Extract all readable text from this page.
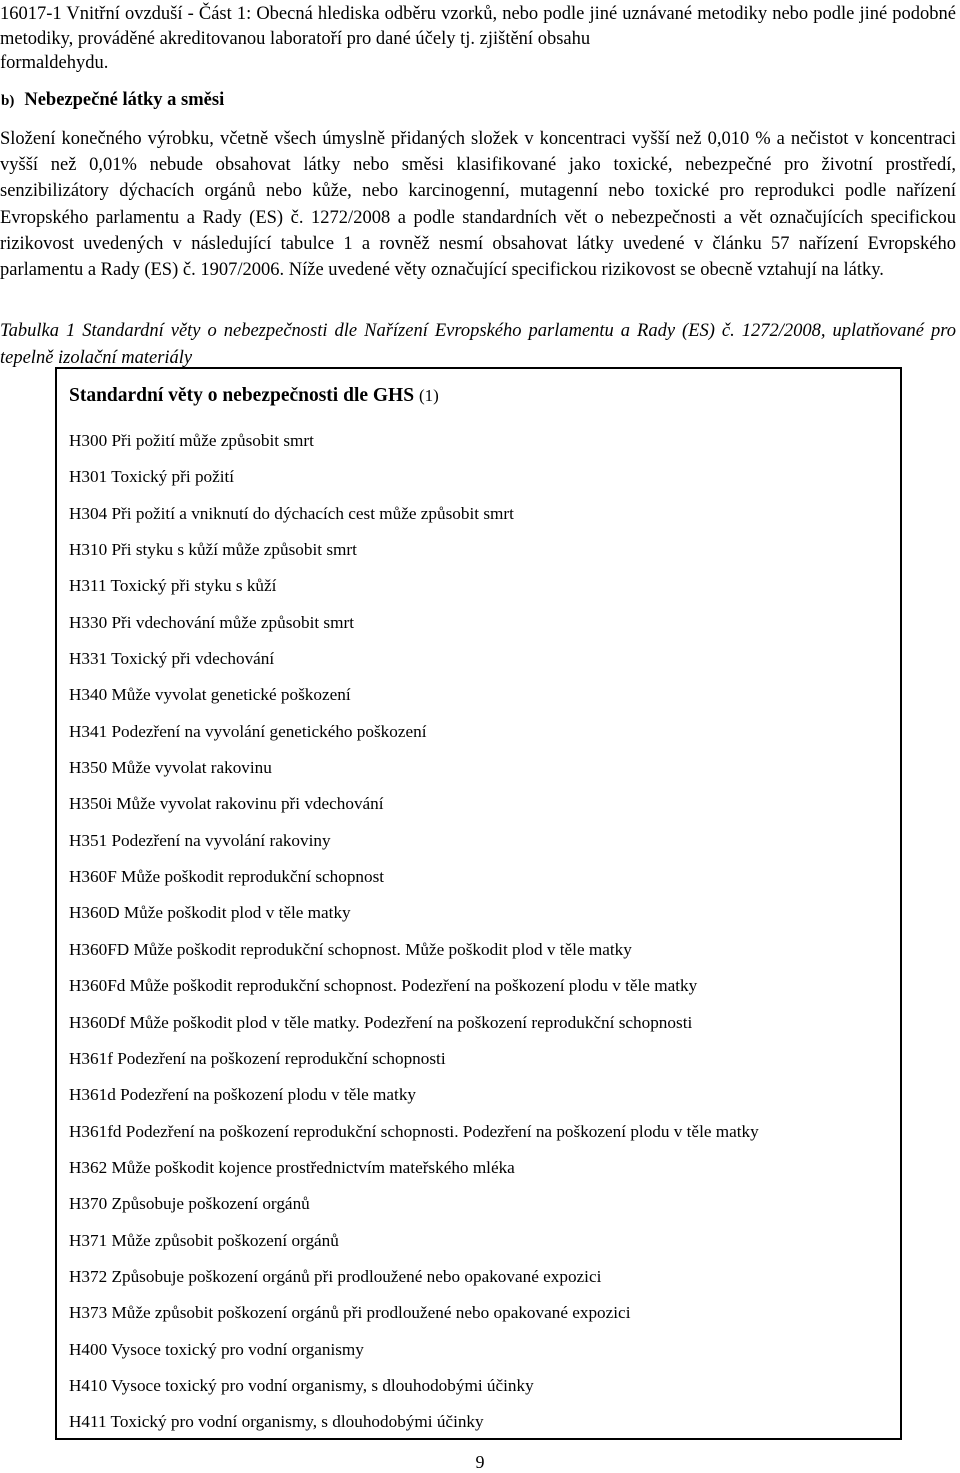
16017-1 Vnitřní ovzduší - Část 1: Obecná hlediska odběru vzorků, nebo podle jiné uznávané metodiky nebo podle jiné podobné metodiky, prováděné akreditovanou laboratoří pro dané účely tj. zjištění obsahu
formaldehydu.
b) Nebezpečné látky a směsi
Složení konečného výrobku, včetně všech úmyslně přidaných složek v koncentraci vyšší než 0,010 % a nečistot v koncentraci vyšší než 0,01% nebude obsahovat látky nebo směsi klasifikované jako toxické, nebezpečné pro životní prostředí, senzibilizátory dýchacích orgánů nebo kůže, nebo karcinogenní, mutagenní nebo toxické pro reprodukci podle nařízení Evropského parlamentu a Rady (ES) č. 1272/2008 a podle standardních vět o nebezpečnosti a vět označujících specifickou rizikovost uvedených v následující tabulce 1 a rovněž nesmí obsahovat látky uvedené v článku 57 nařízení Evropského parlamentu a Rady (ES) č. 1907/2006. Níže uvedené věty označující specifickou rizikovost se obecně vztahují na látky.
Tabulka 1 Standardní věty o nebezpečnosti dle Nařízení Evropského parlamentu a Rady (ES) č. 1272/2008, uplatňované pro tepelně izolační materiály
Standardní věty o nebezpečnosti dle GHS (1)
H300 Při požití může způsobit smrt
H301 Toxický při požití
H304 Při požití a vniknutí do dýchacích cest může způsobit smrt
H310 Při styku s kůží může způsobit smrt
H311 Toxický při styku s kůží
H330 Při vdechování může způsobit smrt
H331 Toxický při vdechování
H340 Může vyvolat genetické poškození
H341 Podezření na vyvolání genetického poškození
H350 Může vyvolat rakovinu
H350i Může vyvolat rakovinu při vdechování
H351 Podezření na vyvolání rakoviny
H360F Může poškodit reprodukční schopnost
H360D Může poškodit plod v těle matky
H360FD Může poškodit reprodukční schopnost. Může poškodit plod v těle matky
H360Fd Může poškodit reprodukční schopnost. Podezření na poškození plodu v těle matky
H360Df Může poškodit plod v těle matky. Podezření na poškození reprodukční schopnosti
H361f Podezření na poškození reprodukční schopnosti
H361d Podezření na poškození plodu v těle matky
H361fd Podezření na poškození reprodukční schopnosti. Podezření na poškození plodu v těle matky
H362 Může poškodit kojence prostřednictvím mateřského mléka
H370 Způsobuje poškození orgánů
H371 Může způsobit poškození orgánů
H372 Způsobuje poškození orgánů při prodloužené nebo opakované expozici
H373 Může způsobit poškození orgánů při prodloužené nebo opakované expozici
H400 Vysoce toxický pro vodní organismy
H410 Vysoce toxický pro vodní organismy, s dlouhodobými účinky
H411 Toxický pro vodní organismy, s dlouhodobými účinky
9
